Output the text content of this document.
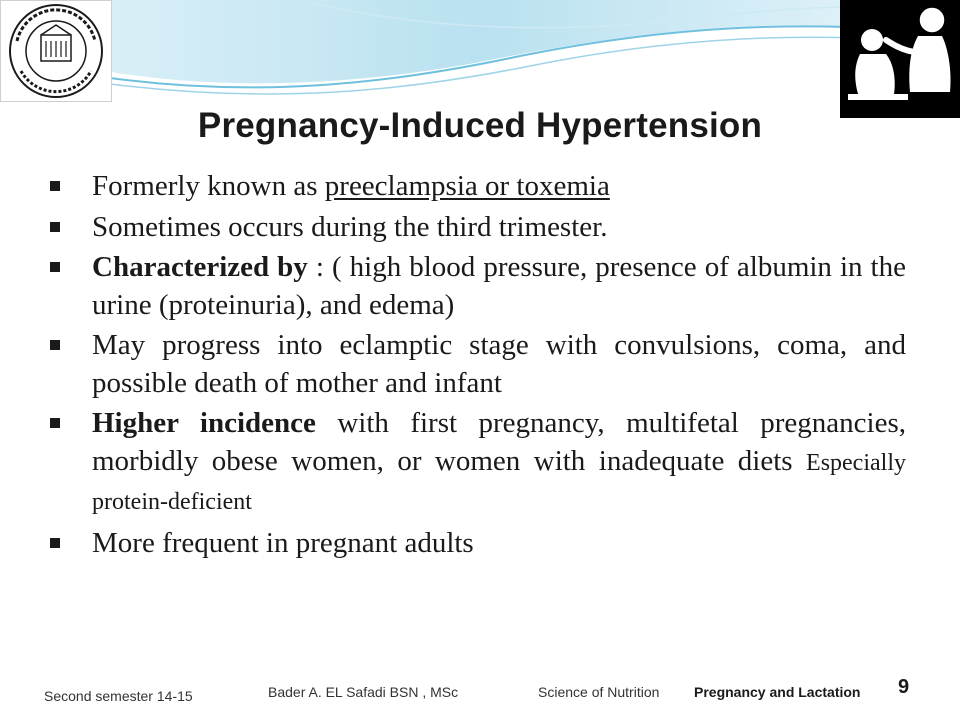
Pregnancy-Induced Hypertension
Formerly known as preeclampsia or toxemia
Sometimes occurs during the third trimester.
Characterized by : ( high blood pressure, presence of albumin in the urine (proteinuria), and edema)
May progress into eclamptic stage with convulsions, coma, and possible death of mother and infant
Higher incidence with first pregnancy, multifetal pregnancies, morbidly obese women, or women with inadequate diets Especially protein-deficient
More frequent in pregnant adults
Second semester 14-15	Bader A. EL Safadi BSN , MSc	Science of Nutrition Pregnancy and Lactation 9
